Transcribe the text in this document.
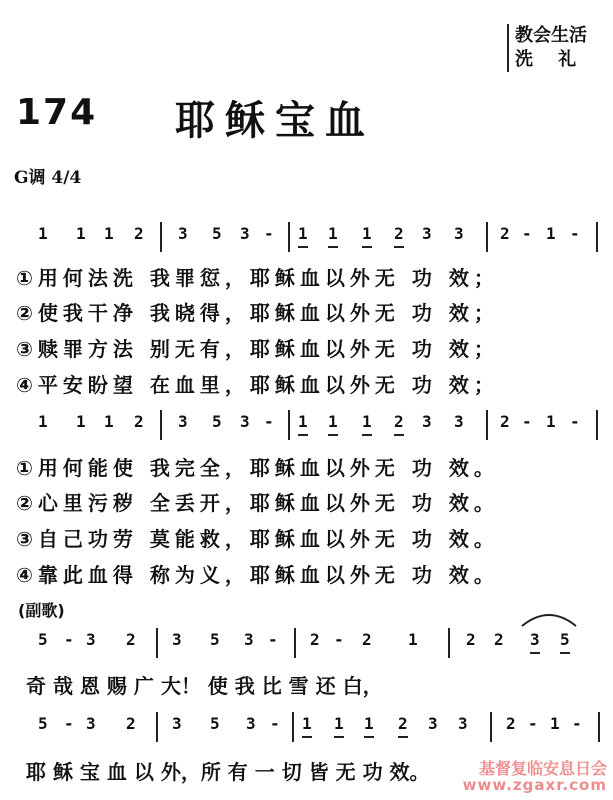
教会生活
洗    礼
174 耶稣宝血
G调 4/4
1 1 1 2 3 5 3 - 1 1 1 2 3 3 2 - 1 -
①用何法洗 我罪愆，耶稣血以外无 功 效；
②使我干净 我晓得，耶稣血以外无 功 效；
③赎罪方法 别无有，耶稣血以外无 功 效；
④平安盼望 在血里，耶稣血以外无 功 效；
1 1 1 2 3 5 3 - 1 1 1 2 3 3 2 - 1 -
①用何能使 我完全，耶稣血以外无 功 效。
②心里污秽 全丢开，耶稣血以外无 功 效。
③自己功劳 莫能救，耶稣血以外无 功 效。
④靠此血得 称为义，耶稣血以外无 功 效。
(副歌)
5 - 3 2 3 5 3 - 2 - 2 1	2 2 3 5
奇 哉 恩 赐 广 大！ 使 我 比 雪 还 白，
5 - 3 2 3 5 3 - 1 1 1 2 3 3 2 - 1 -
耶 稣 宝 血 以 外，所 有 一 切 皆 无 功 效。	基督复临安息日会
www.zgaxr.com
